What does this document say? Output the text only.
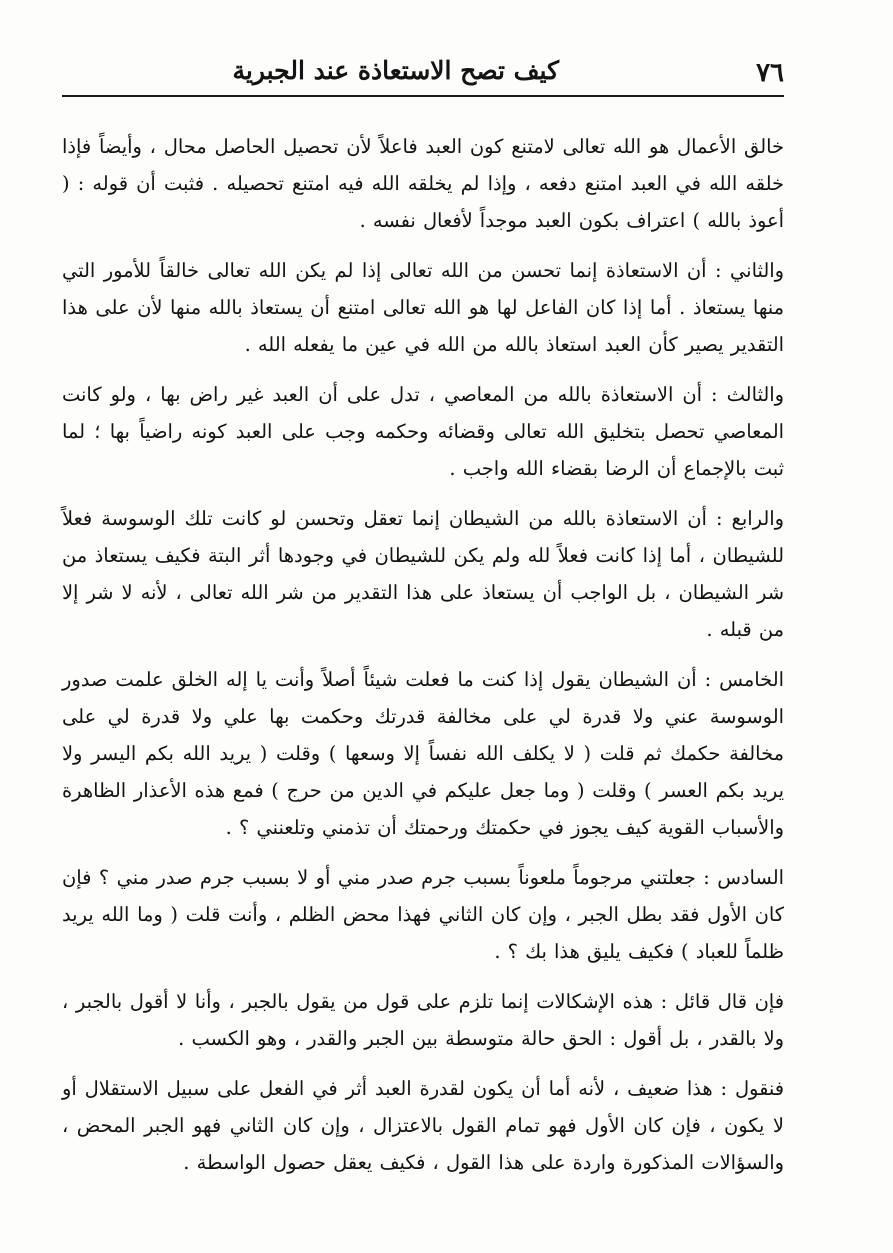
٧٦
كيف تصح الاستعاذة عند الجبرية

خالق الأعمال هو الله تعالى لامتنع كون العبد فاعلاً لأن تحصيل الحاصل محال ، وأيضاً فإذا خلقه الله في العبد امتنع دفعه ، وإذا لم يخلقه الله فيه امتنع تحصيله . فثبت أن قوله : ( أعوذ بالله ) اعتراف بكون العبد موجداً لأفعال نفسه .

والثاني : أن الاستعاذة إنما تحسن من الله تعالى إذا لم يكن الله تعالى خالقاً للأمور التي منها يستعاذ . أما إذا كان الفاعل لها هو الله تعالى امتنع أن يستعاذ بالله منها لأن على هذا التقدير يصير كأن العبد استعاذ بالله من الله في عين ما يفعله الله .

والثالث : أن الاستعاذة بالله من المعاصي ، تدل على أن العبد غير راض بها ، ولو كانت المعاصي تحصل بتخليق الله تعالى وقضائه وحكمه وجب على العبد كونه راضياً بها ؛ لما ثبت بالإجماع أن الرضا بقضاء الله واجب .

والرابع : أن الاستعاذة بالله من الشيطان إنما تعقل وتحسن لو كانت تلك الوسوسة فعلاً للشيطان ، أما إذا كانت فعلاً لله ولم يكن للشيطان في وجودها أثر البتة فكيف يستعاذ من شر الشيطان ، بل الواجب أن يستعاذ على هذا التقدير من شر الله تعالى ، لأنه لا شر إلا من قبله .

الخامس : أن الشيطان يقول إذا كنت ما فعلت شيئاً أصلاً وأنت يا إله الخلق علمت صدور الوسوسة عني ولا قدرة لي على مخالفة قدرتك وحكمت بها علي ولا قدرة لي على مخالفة حكمك ثم قلت ( لا يكلف الله نفساً إلا وسعها ) وقلت ( يريد الله بكم اليسر ولا يريد بكم العسر ) وقلت ( وما جعل عليكم في الدين من حرج ) فمع هذه الأعذار الظاهرة والأسباب القوية كيف يجوز في حكمتك ورحمتك أن تذمني وتلعنني ؟ .

السادس : جعلتني مرجوماً ملعوناً بسبب جرم صدر مني أو لا بسبب جرم صدر مني ؟ فإن كان الأول فقد بطل الجبر ، وإن كان الثاني فهذا محض الظلم ، وأنت قلت ( وما الله يريد ظلماً للعباد ) فكيف يليق هذا بك ؟ .

فإن قال قائل : هذه الإشكالات إنما تلزم على قول من يقول بالجبر ، وأنا لا أقول بالجبر ، ولا بالقدر ، بل أقول : الحق حالة متوسطة بين الجبر والقدر ، وهو الكسب .

فنقول : هذا ضعيف ، لأنه أما أن يكون لقدرة العبد أثر في الفعل على سبيل الاستقلال أو لا يكون ، فإن كان الأول فهو تمام القول بالاعتزال ، وإن كان الثاني فهو الجبر المحض ، والسؤالات المذكورة واردة على هذا القول ، فكيف يعقل حصول الواسطة .
